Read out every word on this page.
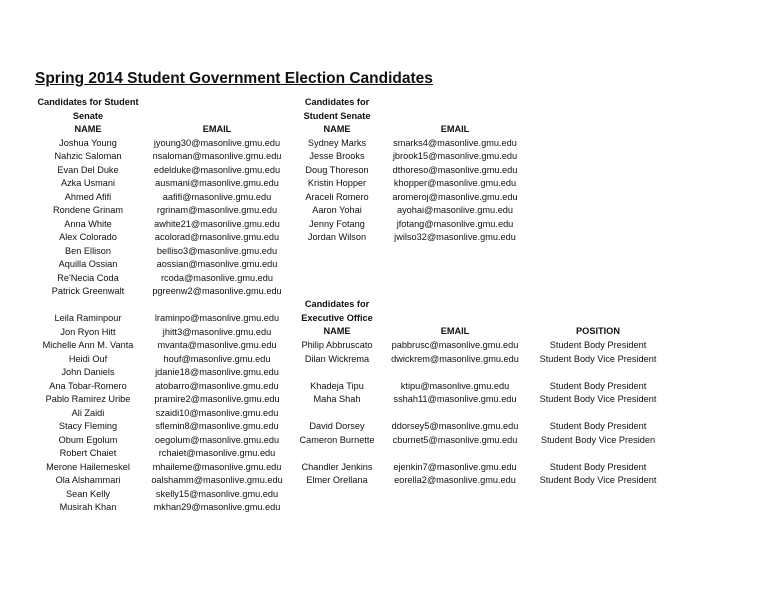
Spring 2014 Student Government Election Candidates
Candidates for Student
Senate
NAME	EMAIL
Joshua Young	jyoung30@masonlive.gmu.edu
Nahzic Saloman	nsaloman@masonlive.gmu.edu
Evan Del Duke	edelduke@masonlive.gmu.edu
Azka Usmani	ausmani@masonlive.gmu.edu
Ahmed Afifi	aafifi@masonlive.gmu.edu
Rondene Grinam	rgrinam@masonlive.gmu.edu
Anna White	awhite21@masonlive.gmu.edu
Alex Colorado	acolorad@masonlive.gmu.edu
Ben Ellison	belliso3@masonlive.gmu.edu
Aquilla Ossian	aossian@masonlive.gmu.edu
Re'Necia Coda	rcoda@masonlive.gmu.edu
Patrick Greenwalt	pgreenw2@masonlive.gmu.edu
Leila Raminpour	lraminpo@masonlive.gmu.edu
Jon Ryon Hitt	jhitt3@masonlive.gmu.edu
Michelle Ann M. Vanta	mvanta@masonlive.gmu.edu
Heidi Ouf	houf@masonlive.gmu.edu
John Daniels	jdanie18@masonlive.gmu.edu
Ana Tobar-Romero	atobarro@masonlive.gmu.edu
Pablo Ramirez Uribe	pramire2@masonlive.gmu.edu
Ali Zaidi	szaidi10@masonlive.gmu.edu
Stacy Fleming	sflemin8@masonlive.gmu.edu
Obum Egolum	oegolum@masonlive.gmu.edu
Robert Chaiet	rchaiet@masonlive.gmu.edu
Merone Hailemeskel	mhaileme@masonlive.gmu.edu
Ola Alshammari	oalshamm@masonlive.gmu.edu
Sean Kelly	skelly15@masonlive.gmu.edu
Musirah Khan	mkhan29@masonlive.gmu.edu
Candidates for
Student Senate
NAME	EMAIL
Sydney Marks	smarks4@masonlive.gmu.edu
Jesse Brooks	jbrook15@masonlive.gmu.edu
Doug Thoreson	dthoreso@masonlive.gmu.edu
Kristin Hopper	khopper@masonlive.gmu.edu
Araceli Romero	aromeroj@masonlive.gmu.edu
Aaron Yohai	ayohai@masonlive.gmu.edu
Jenny Fotang	jfotang@masonlive.gmu.edu
Jordan Wilson	jwilso32@masonlive.gmu.edu
Candidates for
Executive Office
NAME	EMAIL	POSITION
Philip Abbruscato	pabbrusc@masonlive.gmu.edu	Student Body President
Dilan Wickrema	dwickrem@masonlive.gmu.edu	Student Body Vice President
Khadeja Tipu	ktipu@masonlive.gmu.edu	Student Body President
Maha Shah	sshah11@masonlive.gmu.edu	Student Body Vice President
David Dorsey	ddorsey5@masonlive.gmu.edu	Student Body President
Cameron Burnette	cburnet5@masonlive.gmu.edu	Student Body Vice Presiden
Chandler Jenkins	ejenkin7@masonlive.gmu.edu	Student Body President
Elmer Orellana	eorella2@masonlive.gmu.edu	Student Body Vice President
